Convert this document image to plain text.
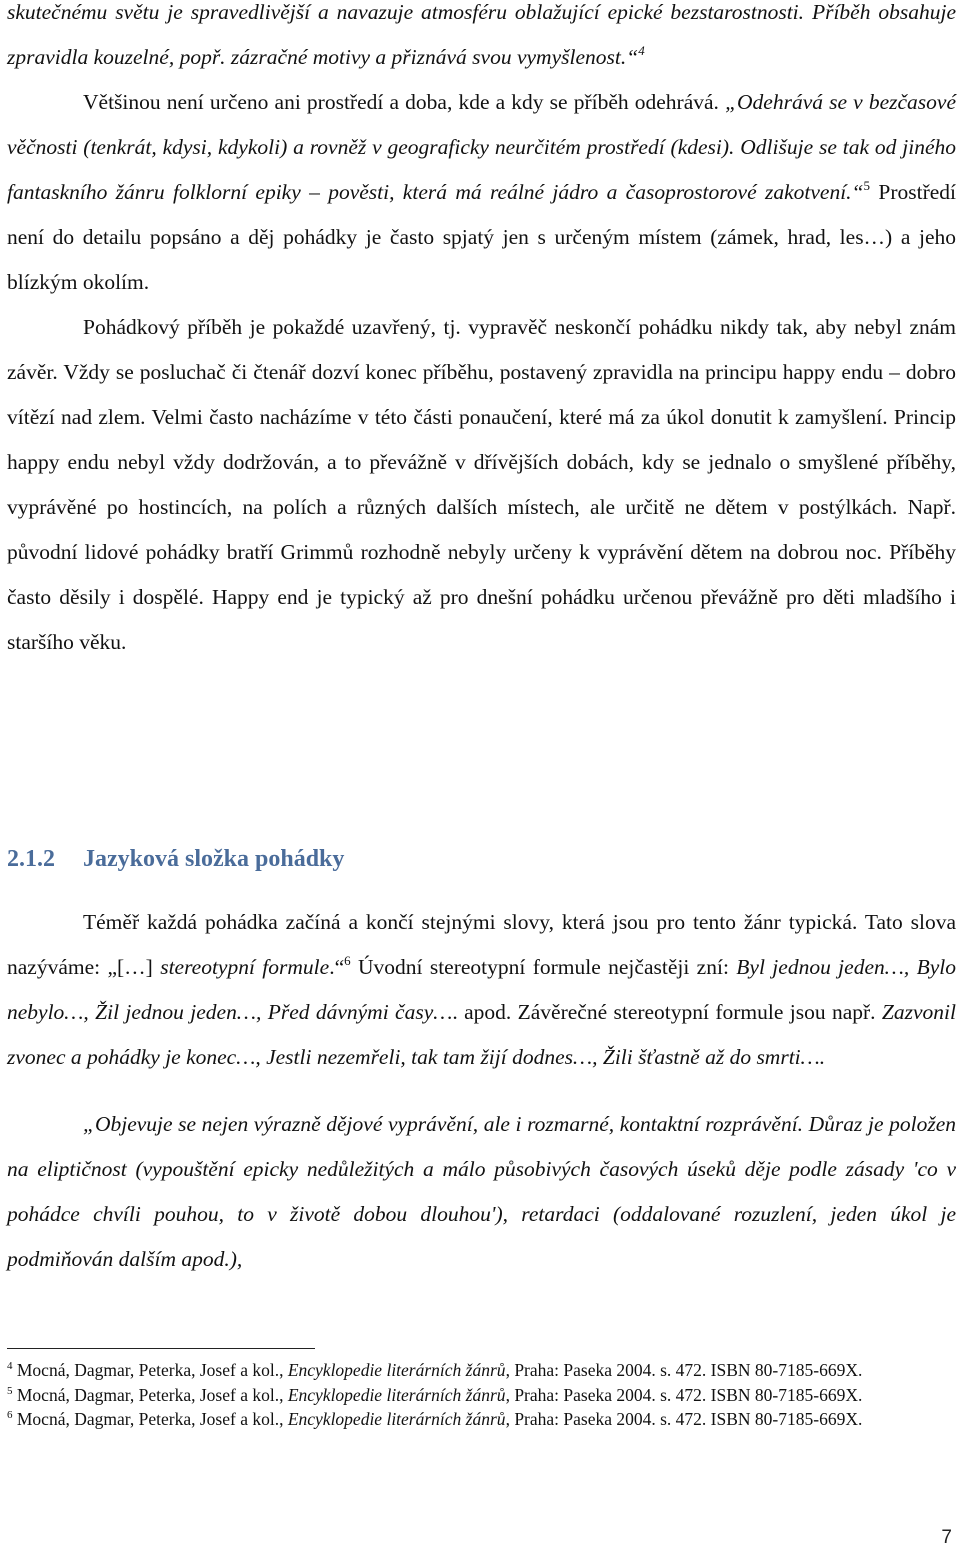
skutečnému světu je spravedlivější a navazuje atmosféru oblažující epické bezstarostnosti. Příběh obsahuje zpravidla kouzelné, popř. zázračné motivy a přiznává svou vymyšlenost.“$^4$

Většinou není určeno ani prostředí a doba, kde a kdy se příběh odehrává. „Odehrává se v bezčasové věčnosti (tenkrát, kdysi, kdykoli) a rovněž v geograficky neurčitém prostředí (kdesi). Odlišuje se tak od jiného fantaskního žánru folklorní epiky – pověsti, která má reálné jádro a časoprostorové zakotvení.“$^5$ Prostředí není do detailu popsáno a děj pohádky je často spjatý jen s určeným místem (zámek, hrad, les…) a jeho blízkým okolím.

Pohádkový příběh je pokaždé uzavřený, tj. vypravěč neskončí pohádku nikdy tak, aby nebyl znám závěr. Vždy se posluchač či čtenář dozví konec příběhu, postavený zpravidla na principu happy endu – dobro vítězí nad zlem. Velmi často nacházíme v této části ponaučení, které má za úkol donutit k zamyšlení. Princip happy endu nebyl vždy dodržován, a to převážně v dřívějších dobách, kdy se jednalo o smyšlené příběhy, vyprávěné po hostincích, na polích a různých dalších místech, ale určitě ne dětem v postýlkách. Např. původní lidové pohádky bratří Grimmů rozhodně nebyly určeny k vyprávění dětem na dobrou noc. Příběhy často děsily i dospělé. Happy end je typický až pro dnešní pohádku určenou převážně pro děti mladšího i staršího věku.

2.1.2 Jazyková složka pohádky

Téměř každá pohádka začíná a končí stejnými slovy, která jsou pro tento žánr typická. Tato slova nazýváme: „[…] stereotypní formule.“$^6$ Úvodní stereotypní formule nejčastěji zní: Byl jednou jeden…, Bylo nebylo…, Žil jednou jeden…, Před dávnými časy…. apod. Závěrečné stereotypní formule jsou např. Zazvonil zvonec a pohádky je konec…, Jestli nezemřeli, tak tam žijí dodnes…, Žili šťastně až do smrti….

„Objevuje se nejen výrazně dějové vyprávění, ale i rozmarné, kontaktní rozprávění. Důraz je položen na eliptičnost (vypouštění epicky nedůležitých a málo působivých časových úseků děje podle zásady 'co v pohádce chvíli pouhou, to v životě dobou dlouhou'), retardaci (oddalované rozuzlení, jeden úkol je podmiňován dalším apod.),

$^4$ Mocná, Dagmar, Peterka, Josef a kol., Encyklopedie literárních žánrů, Praha: Paseka 2004. s. 472. ISBN 80-7185-669X.

$^5$ Mocná, Dagmar, Peterka, Josef a kol., Encyklopedie literárních žánrů, Praha: Paseka 2004. s. 472. ISBN 80-7185-669X.

$^6$ Mocná, Dagmar, Peterka, Josef a kol., Encyklopedie literárních žánrů, Praha: Paseka 2004. s. 472. ISBN 80-7185-669X.

7
